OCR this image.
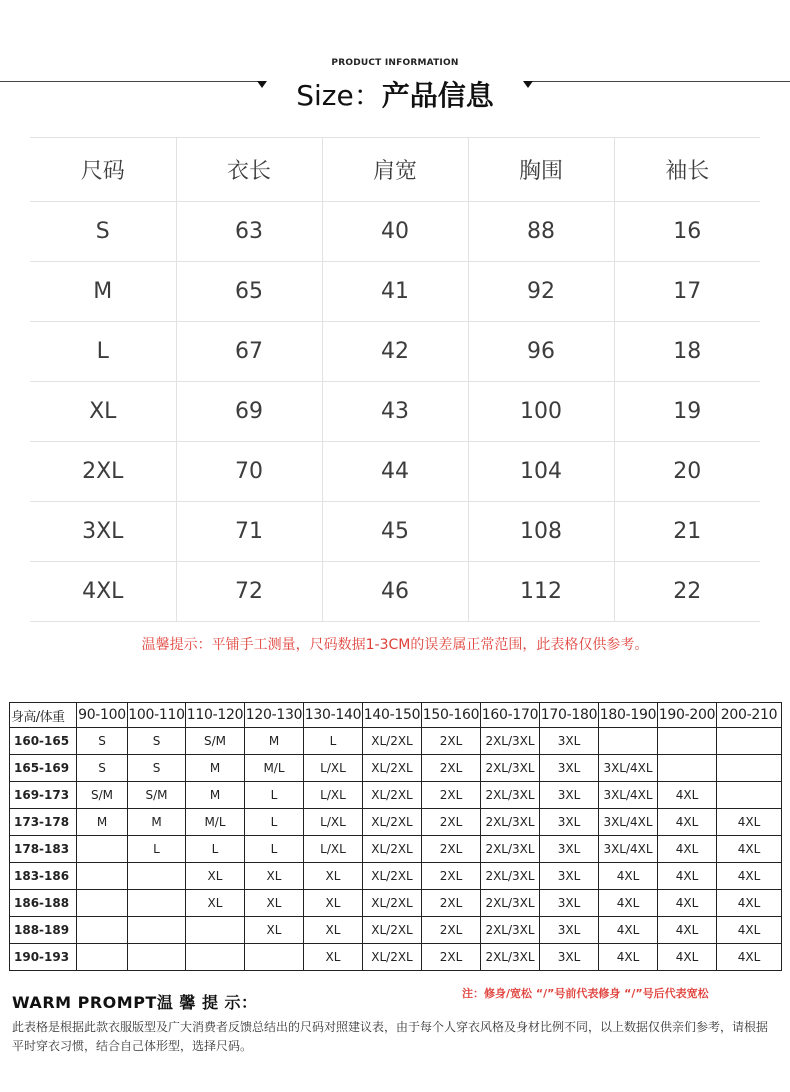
PRODUCT INFORMATION
Size：产品信息
尺码	衣长	肩宽	胸围	袖长
S	63	40	88	16
M	65	41	92	17
L	67	42	96	18
XL	69	43	100	19
2XL	70	44	104	20
3XL	71	45	108	21
4XL	72	46	112	22
温馨提示：平铺手工测量，尺码数据1-3CM的误差属正常范围，此表格仅供参考。
身高/体重	90-100	100-110	110-120	120-130	130-140	140-150	150-160	160-170	170-180	180-190	190-200	200-210
160-165	S	S	S/M	M	L	XL/2XL	2XL	2XL/3XL	3XL			
165-169	S	S	M	M/L	L/XL	XL/2XL	2XL	2XL/3XL	3XL	3XL/4XL		
169-173	S/M	S/M	M	L	L/XL	XL/2XL	2XL	2XL/3XL	3XL	3XL/4XL	4XL	
173-178	M	M	M/L	L	L/XL	XL/2XL	2XL	2XL/3XL	3XL	3XL/4XL	4XL	4XL
178-183		L	L	L	L/XL	XL/2XL	2XL	2XL/3XL	3XL	3XL/4XL	4XL	4XL
183-186			XL	XL	XL	XL/2XL	2XL	2XL/3XL	3XL	4XL	4XL	4XL
186-188			XL	XL	XL	XL/2XL	2XL	2XL/3XL	3XL	4XL	4XL	4XL
188-189				XL	XL	XL/2XL	2XL	2XL/3XL	3XL	4XL	4XL	4XL
190-193					XL	XL/2XL	2XL	2XL/3XL	3XL	4XL	4XL	4XL
WARM PROMPT温 馨 提 示：	注：修身/宽松 “/”号前代表修身 “/”号后代表宽松
此表格是根据此款衣服版型及广大消费者反馈总结出的尺码对照建议表，由于每个人穿衣风格及身材比例不同，以上数据仅供亲们参考，请根据平时穿衣习惯，结合自己体形型，选择尺码。
